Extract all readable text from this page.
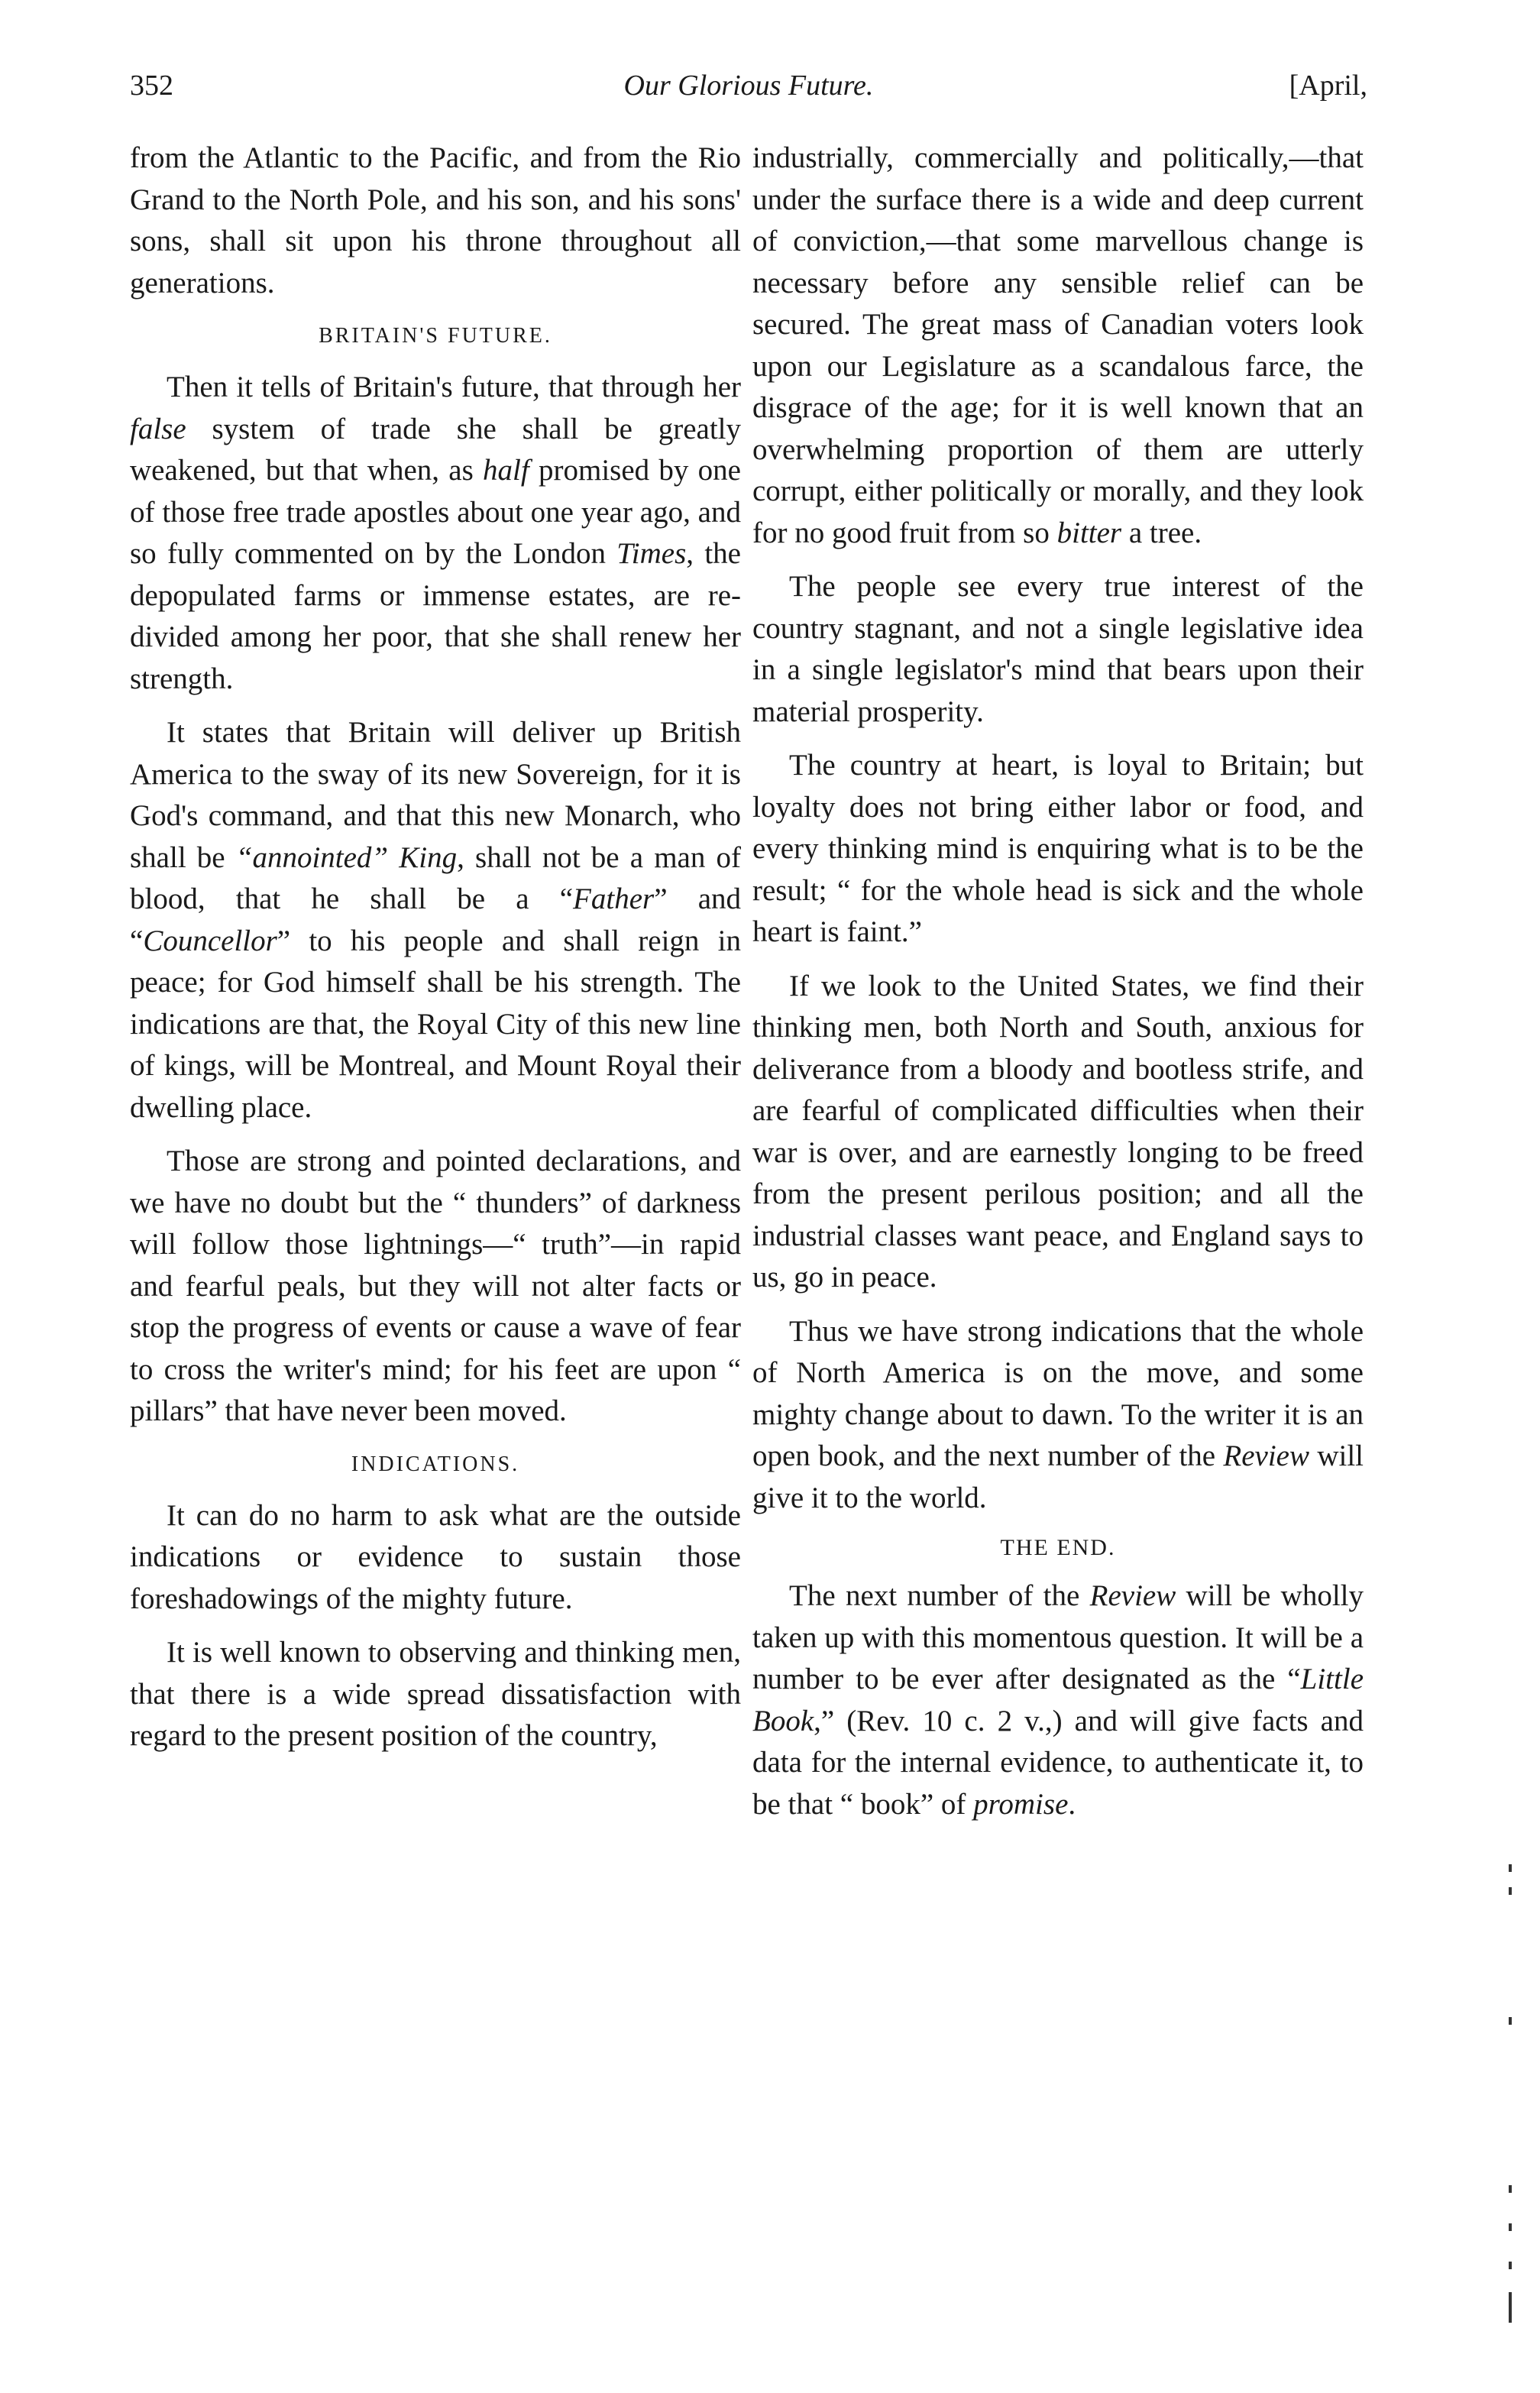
352	Our Glorious Future.	[April,

from the Atlantic to the Pacific, and from the Rio Grand to the North Pole, and his son, and his sons' sons, shall sit upon his throne throughout all generations.

BRITAIN'S FUTURE.

Then it tells of Britain's future, that through her false system of trade she shall be greatly weakened, but that when, as half promised by one of those free trade apostles about one year ago, and so fully commented on by the London Times, the depopulated farms or immense estates, are re-divided among her poor, that she shall renew her strength.

It states that Britain will deliver up British America to the sway of its new Sovereign, for it is God's command, and that this new Monarch, who shall be “annointed” King, shall not be a man of blood, that he shall be a “Father” and “Councellor” to his people and shall reign in peace; for God himself shall be his strength. The indications are that, the Royal City of this new line of kings, will be Montreal, and Mount Royal their dwelling place.

Those are strong and pointed declarations, and we have no doubt but the “ thunders” of darkness will follow those lightnings—“ truth”—in rapid and fearful peals, but they will not alter facts or stop the progress of events or cause a wave of fear to cross the writer's mind; for his feet are upon “ pillars” that have never been moved.

INDICATIONS.

It can do no harm to ask what are the outside indications or evidence to sustain those foreshadowings of the mighty future.

It is well known to observing and thinking men, that there is a wide spread dissatisfaction with regard to the present position of the country,

industrially, commercially and politically,—that under the surface there is a wide and deep current of conviction,—that some marvellous change is necessary before any sensible relief can be secured. The great mass of Canadian voters look upon our Legislature as a scandalous farce, the disgrace of the age; for it is well known that an overwhelming proportion of them are utterly corrupt, either politically or morally, and they look for no good fruit from so bitter a tree.

The people see every true interest of the country stagnant, and not a single legislative idea in a single legislator's mind that bears upon their material prosperity.

The country at heart, is loyal to Britain; but loyalty does not bring either labor or food, and every thinking mind is enquiring what is to be the result; “ for the whole head is sick and the whole heart is faint.”

If we look to the United States, we find their thinking men, both North and South, anxious for deliverance from a bloody and bootless strife, and are fearful of complicated difficulties when their war is over, and are earnestly longing to be freed from the present perilous position; and all the industrial classes want peace, and England says to us, go in peace.

Thus we have strong indications that the whole of North America is on the move, and some mighty change about to dawn. To the writer it is an open book, and the next number of the Review will give it to the world.

THE END.

The next number of the Review will be wholly taken up with this momentous question. It will be a number to be ever after designated as the “Little Book,” (Rev. 10 c. 2 v.,) and will give facts and data for the internal evidence, to authenticate it, to be that “ book” of promise.
